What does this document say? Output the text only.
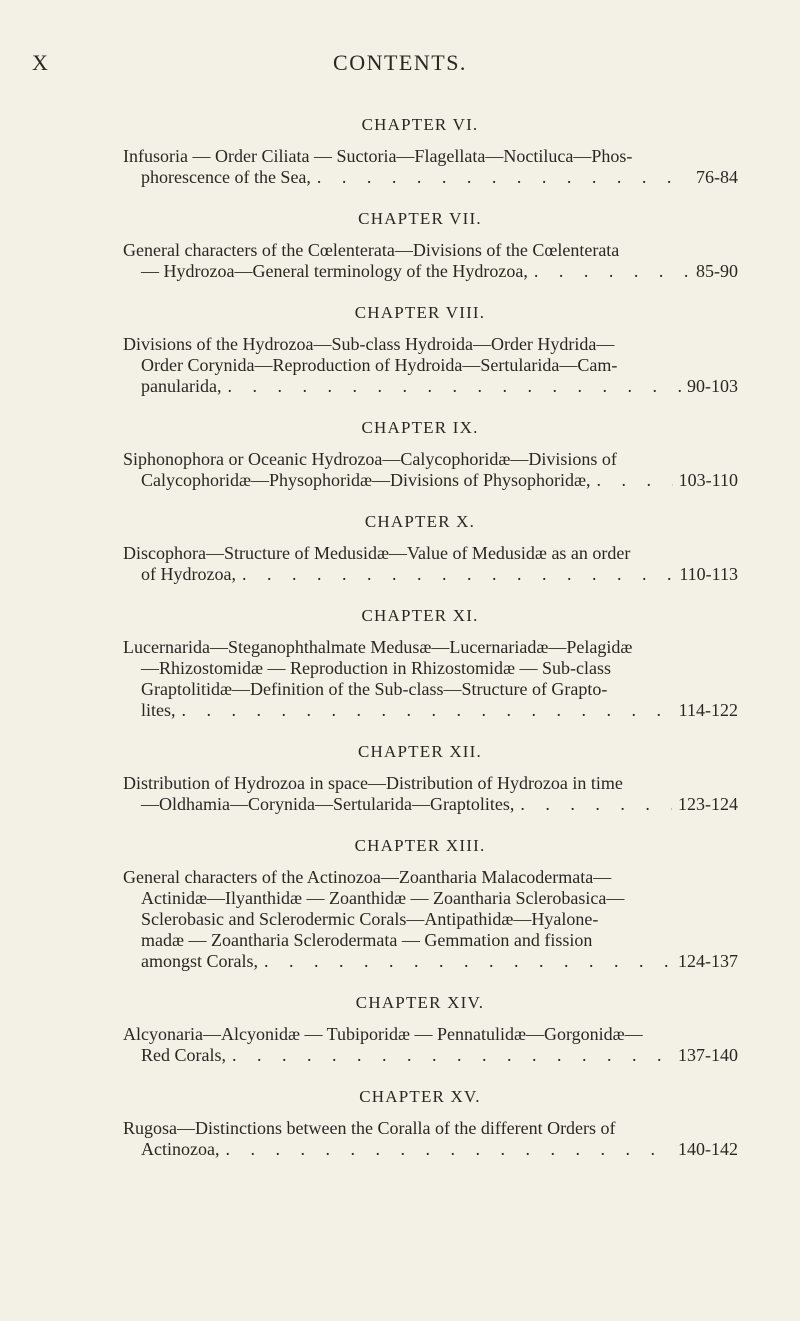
X	CONTENTS.
CHAPTER VI.
Infusoria — Order Ciliata — Suctoria—Flagellata—Noctiluca—Phos-
phorescence of the Sea, . . .	76-84
CHAPTER VII.
General characters of the Cœlenterata—Divisions of the Cœlenterata
— Hydrozoa—General terminology of the Hydrozoa, . . .	85-90
CHAPTER VIII.
Divisions of the Hydrozoa—Sub-class Hydroida—Order Hydrida—
Order Corynida—Reproduction of Hydroida—Sertularida—Cam-
panularida, . . .	90-103
CHAPTER IX.
Siphonophora or Oceanic Hydrozoa—Calycophoridæ—Divisions of
Calycophoridæ—Physophoridæ—Divisions of Physophoridæ, . . .	103-110
CHAPTER X.
Discophora—Structure of Medusidæ—Value of Medusidæ as an order
of Hydrozoa, . . .	110-113
CHAPTER XI.
Lucernarida—Steganophthalmate Medusæ—Lucernariadæ—Pelagidæ
—Rhizostomidæ — Reproduction in Rhizostomidæ — Sub-class
Graptolitidæ—Definition of the Sub-class—Structure of Grapto-
lites, . . .	114-122
CHAPTER XII.
Distribution of Hydrozoa in space—Distribution of Hydrozoa in time
—Oldhamia—Corynida—Sertularida—Graptolites, . . .	123-124
CHAPTER XIII.
General characters of the Actinozoa—Zoantharia Malacodermata—
Actinidæ—Ilyanthidæ — Zoanthidæ — Zoantharia Sclerobasica—
Sclerobasic and Sclerodermic Corals—Antipathidæ—Hyalone-
madæ — Zoantharia Sclerodermata — Gemmation and fission
amongst Corals, . . .	124-137
CHAPTER XIV.
Alcyonaria—Alcyonidæ — Tubiporidæ — Pennatulidæ—Gorgonidæ—
Red Corals, . . .	137-140
CHAPTER XV.
Rugosa—Distinctions between the Coralla of the different Orders of
Actinozoa, . . .	140-142
